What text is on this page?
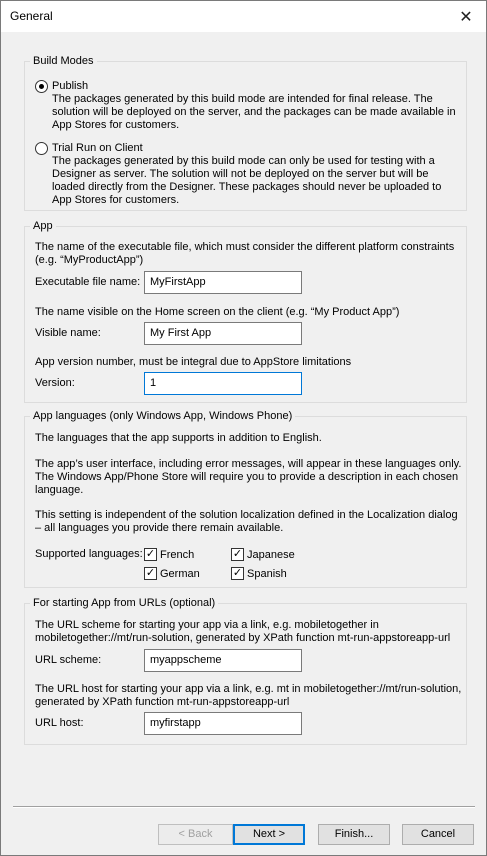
General	✕
Build Modes
Publish
The packages generated by this build mode are intended for final release. The
solution will be deployed on the server, and the packages can be made available in
App Stores for customers.
Trial Run on Client
The packages generated by this build mode can only be used for testing with a
Designer as server. The solution will not be deployed on the server but will be
loaded directly from the Designer. These packages should never be uploaded to
App Stores for customers.
App
The name of the executable file, which must consider the different platform constraints
(e.g. “MyProductApp”)
Executable file name: MyFirstApp
The name visible on the Home screen on the client (e.g. “My Product App”)
Visible name:	My First App
App version number, must be integral due to AppStore limitations
Version:	1
App languages (only Windows App, Windows Phone)
The languages that the app supports in addition to English.
The app’s user interface, including error messages, will appear in these languages only.
The Windows App/Phone Store will require you to provide a description in each chosen
language.
This setting is independent of the solution localization defined in the Localization dialog
– all languages you provide there remain available.
Supported languages: ✓ French	✓ Japanese
✓ German	✓ Spanish
For starting App from URLs (optional)
The URL scheme for starting your app via a link, e.g. mobiletogether in
mobiletogether://mt/run-solution, generated by XPath function mt-run-appstoreapp-url
URL scheme:	myappscheme
The URL host for starting your app via a link, e.g. mt in mobiletogether://mt/run-solution,
generated by XPath function mt-run-appstoreapp-url
URL host:	myfirstapp
< Back	Next >	Finish...	Cancel
